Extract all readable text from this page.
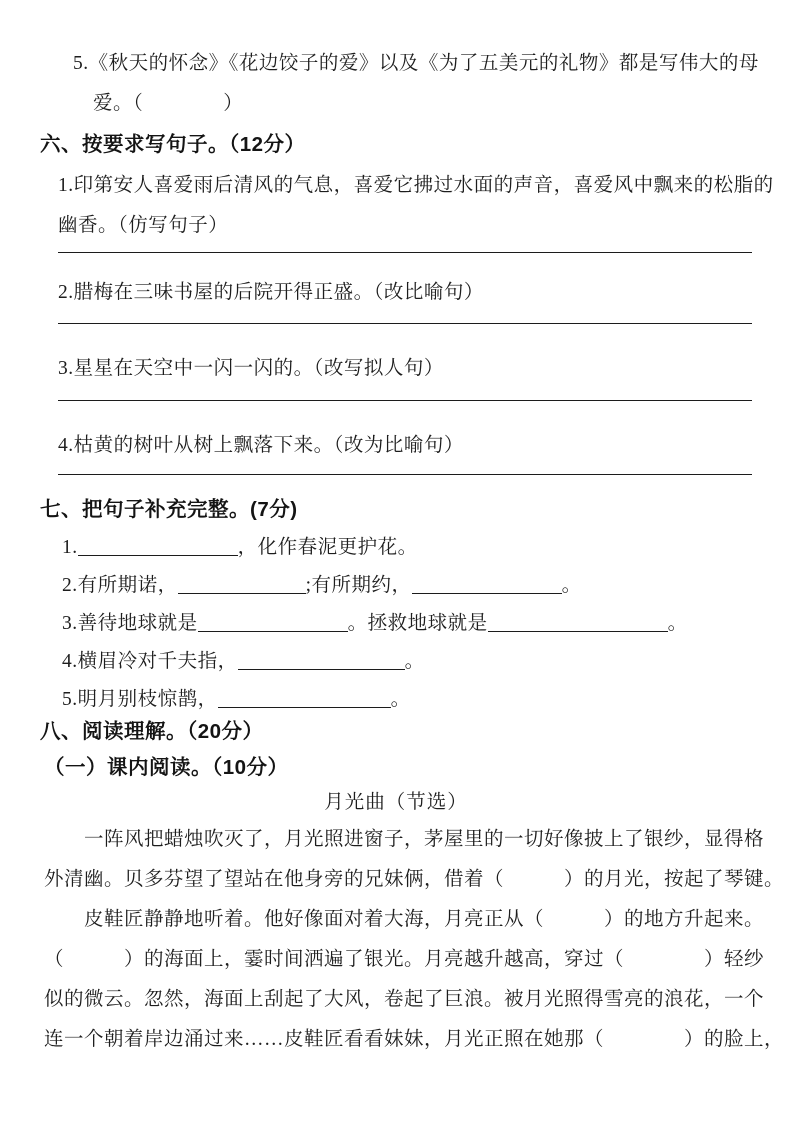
5.《秋天的怀念》《花边饺子的爱》以及《为了五美元的礼物》都是写伟大的母
爱。（　　　　）
六、按要求写句子。（12分）
1.印第安人喜爱雨后清风的气息，喜爱它拂过水面的声音，喜爱风中飘来的松脂的
幽香。（仿写句子）
2.腊梅在三味书屋的后院开得正盛。（改比喻句）
3.星星在天空中一闪一闪的。（改写拟人句）
4.枯黄的树叶从树上飘落下来。（改为比喻句）
七、把句子补充完整。(7分)
1.	，化作春泥更护花。
2.有所期诺，	;有所期约，	。
3.善待地球就是	。拯救地球就是	。
4.横眉冷对千夫指，	。
5.明月别枝惊鹊，	。
八、阅读理解。（20分）
（一）课内阅读。（10分）
月光曲（节选）
一阵风把蜡烛吹灭了，月光照进窗子，茅屋里的一切好像披上了银纱，显得格
外清幽。贝多芬望了望站在他身旁的兄妹俩，借着（　　　）的月光，按起了琴键。
皮鞋匠静静地听着。他好像面对着大海，月亮正从（　　　）的地方升起来。
（　　　）的海面上，霎时间洒遍了银光。月亮越升越高，穿过（　　　　）轻纱
似的微云。忽然，海面上刮起了大风，卷起了巨浪。被月光照得雪亮的浪花，一个
连一个朝着岸边涌过来……皮鞋匠看看妹妹，月光正照在她那（　　　　）的脸上，
